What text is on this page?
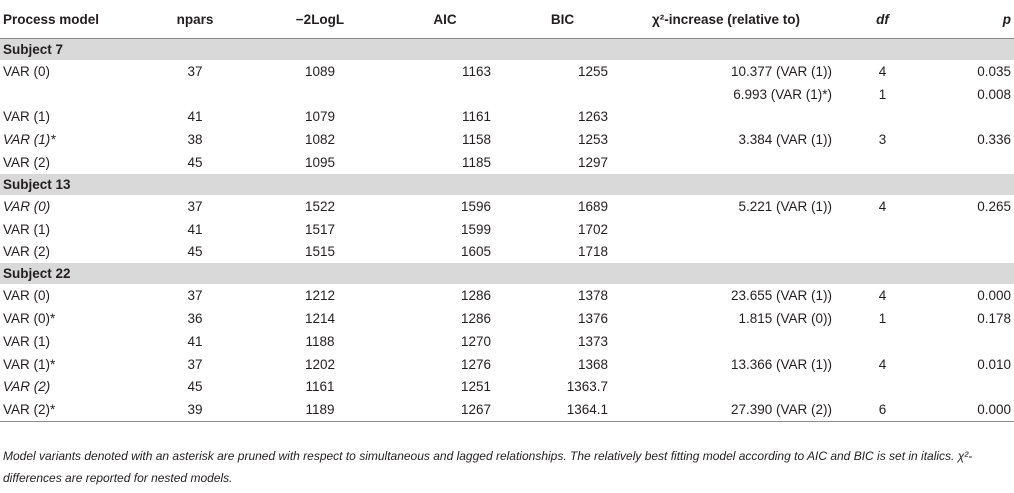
Process model	npars	−2LogL	AIC	BIC	χ²-increase (relative to)	df	p
Subject 7							
VAR (0)	37	1089	1163	1255	10.377 (VAR (1))	4	0.035
					6.993 (VAR (1)*)	1	0.008
VAR (1)	41	1079	1161	1263			
VAR (1)*	38	1082	1158	1253	3.384 (VAR (1))	3	0.336
VAR (2)	45	1095	1185	1297			
Subject 13							
VAR (0)	37	1522	1596	1689	5.221 (VAR (1))	4	0.265
VAR (1)	41	1517	1599	1702			
VAR (2)	45	1515	1605	1718			
Subject 22							
VAR (0)	37	1212	1286	1378	23.655 (VAR (1))	4	0.000
VAR (0)*	36	1214	1286	1376	1.815 (VAR (0))	1	0.178
VAR (1)	41	1188	1270	1373			
VAR (1)*	37	1202	1276	1368	13.366 (VAR (1))	4	0.010
VAR (2)	45	1161	1251	1363.7			
VAR (2)*	39	1189	1267	1364.1	27.390 (VAR (2))	6	0.000
Model variants denoted with an asterisk are pruned with respect to simultaneous and lagged relationships. The relatively best fitting model according to AIC and BIC is set in italics. χ²-differences are reported for nested models.
